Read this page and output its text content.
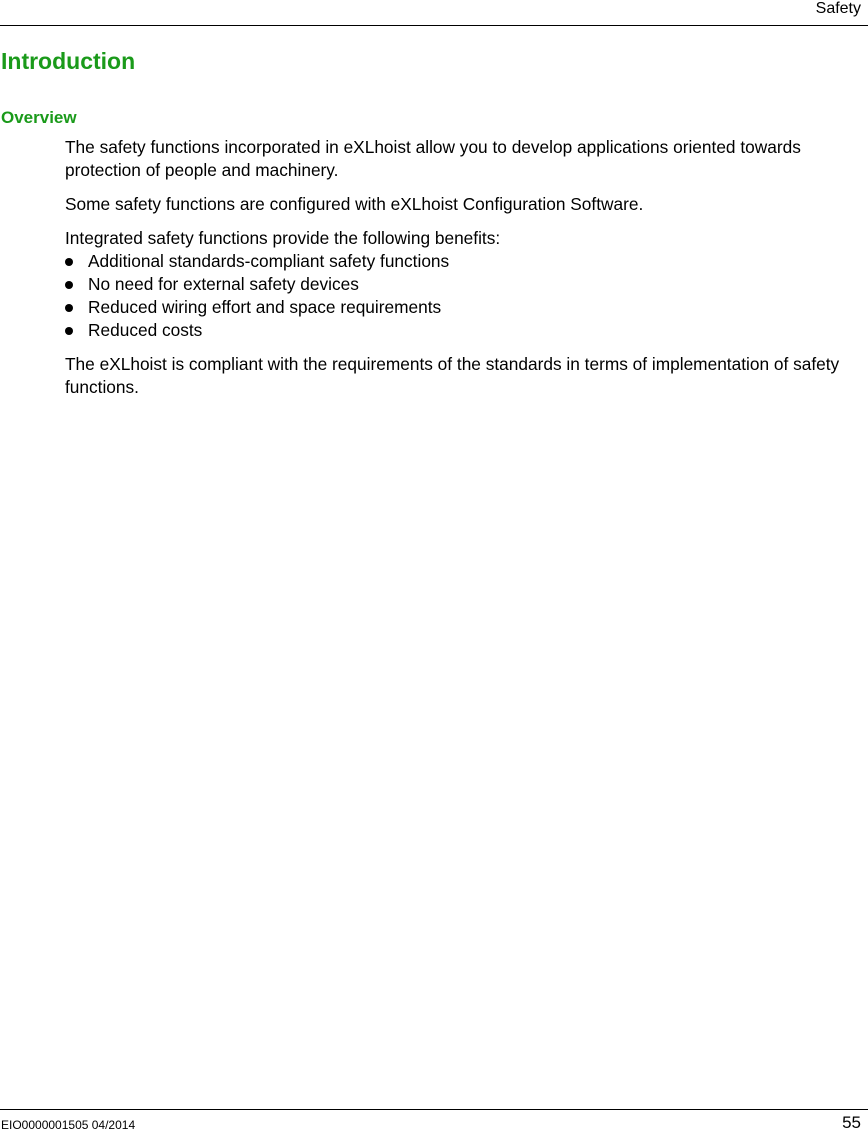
Safety
Introduction
Overview

The safety functions incorporated in eXLhoist allow you to develop applications oriented towards protection of people and machinery.

Some safety functions are configured with eXLhoist Configuration Software.

Integrated safety functions provide the following benefits:

Additional standards-compliant safety functions
No need for external safety devices
Reduced wiring effort and space requirements
Reduced costs

The eXLhoist is compliant with the requirements of the standards in terms of implementation of safety functions.

EIO0000001505 04/2014	55
